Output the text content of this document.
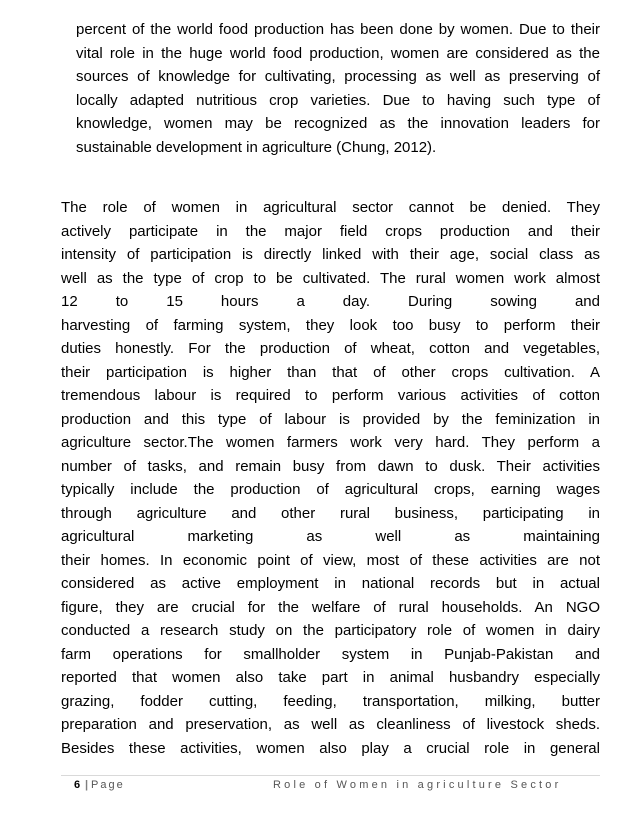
percent of the world food production has been done by women. Due to their
vital role in the huge world food production, women are considered as the
sources of knowledge for cultivating, processing as well as preserving of
locally adapted nutritious crop varieties. Due to having such type of
knowledge, women may be recognized as the innovation leaders for
sustainable development in agriculture (Chung, 2012).
The role of women in agricultural sector cannot be denied. They
actively participate in the major field crops production and their
intensity of participation is directly linked with their age, social class as
well as the type of crop to be cultivated. The rural women work almost
12 to 15 hours a day. During sowing and
harvesting of farming system, they look too busy to perform their
duties honestly. For the production of wheat, cotton and vegetables,
their participation is higher than that of other crops cultivation. A
tremendous labour is required to perform various activities of cotton
production and this type of labour is provided by the feminization in
agriculture sector.The women farmers work very hard. They perform a
number of tasks, and remain busy from dawn to dusk. Their activities
typically include the production of agricultural crops, earning wages
through agriculture and other rural business, participating in
agricultural marketing as well as maintaining
their homes. In economic point of view, most of these activities are not
considered as active employment in national records but in actual
figure, they are crucial for the welfare of rural households. An NGO
conducted a research study on the participatory role of women in dairy
farm operations for smallholder system in Punjab-Pakistan and
reported that women also take part in animal husbandry especially
grazing, fodder cutting, feeding, transportation, milking, butter
preparation and preservation, as well as cleanliness of livestock sheds.
Besides these activities, women also play a crucial role in general
6 | Page	Role of Women in agriculture Sector
